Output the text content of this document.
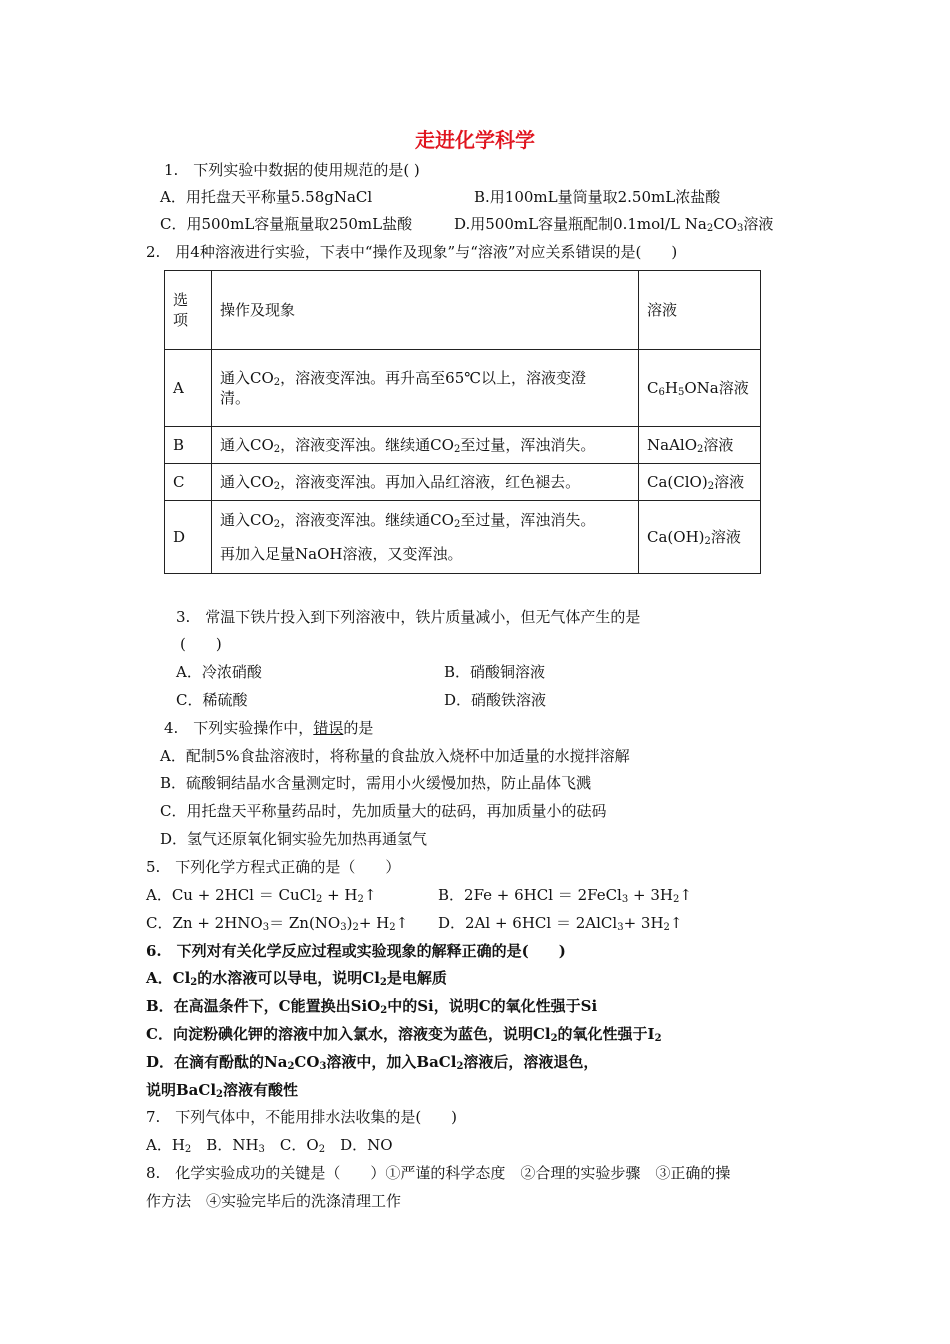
走进化学科学
1.　下列实验中数据的使用规范的是( )
A．用托盘天平称量5.58gNaCl	B.用100mL量筒量取2.50mL浓盐酸
C．用500mL容量瓶量取250mL盐酸	D.用500mL容量瓶配制0.1mol/L $Na_2CO_3$溶液
2.　用4种溶液进行实验，下表中“操作及现象”与“溶液”对应关系错误的是(　　)
选
项	操作及现象	溶液
A	通入$CO_2$，溶液变浑浊。再升高至65℃以上，溶液变澄
清。	$C_6H_5ONa$溶液
B	通入$CO_2$，溶液变浑浊。继续通$CO_2$至过量，浑浊消失。	NaAlO$_2$溶液
C	通入$CO_2$，溶液变浑浊。再加入品红溶液，红色褪去。	$Ca(ClO)_2$溶液
D	通入$CO_2$，溶液变浑浊。继续通$CO_2$至过量，浑浊消失。
再加入足量NaOH溶液，又变浑浊。	$Ca(OH)_2$溶液
3.　常温下铁片投入到下列溶液中，铁片质量减小，但无气体产生的是
(　　)
A．冷浓硝酸	B．硝酸铜溶液
C．稀硫酸	D．硝酸铁溶液
4.　下列实验操作中，错误的是
A．配制5%食盐溶液时，将称量的食盐放入烧杯中加适量的水搅拌溶解
B．硫酸铜结晶水含量测定时，需用小火缓慢加热，防止晶体飞溅
C．用托盘天平称量药品时，先加质量大的砝码，再加质量小的砝码
D．氢气还原氧化铜实验先加热再通氢气
5.　下列化学方程式正确的是（　　）
A．Cu + 2HCl ＝ CuCl$_2$ + $H_2↑$	B．2Fe + 6HCl ＝ 2FeCl$_3$ + $3H_2↑$
C．$Zn + 2HNO_3= Zn(NO_3)_2+$ $H_2↑$ D．2Al + 6HCl ＝ 2AlCl$_3$+ $3H_2↑$
6.　下列对有关化学反应过程或实验现象的解释正确的是(　　)
A．$Cl_2$的水溶液可以导电，说明$Cl_2$是电解质
B．在高温条件下，C能置换出SiO$_2$中的Si，说明C的氧化性强于Si
C．向淀粉碘化钾的溶液中加入氯水，溶液变为蓝色，说明$Cl_2$的氧化性强于$I_2$
D．在滴有酚酞的$Na_2CO_3$溶液中，加入BaCl$_2$溶液后，溶液退色，
说明BaCl$_2$溶液有酸性
7.　下列气体中，不能用排水法收集的是(　　)
A．$H_2$　B．$NH_3$　C．$O_2$　D．NO
8.　化学实验成功的关键是（　　）①严谨的科学态度　②合理的实验步骤　③正确的操
作方法　④实验完毕后的洗涤清理工作
